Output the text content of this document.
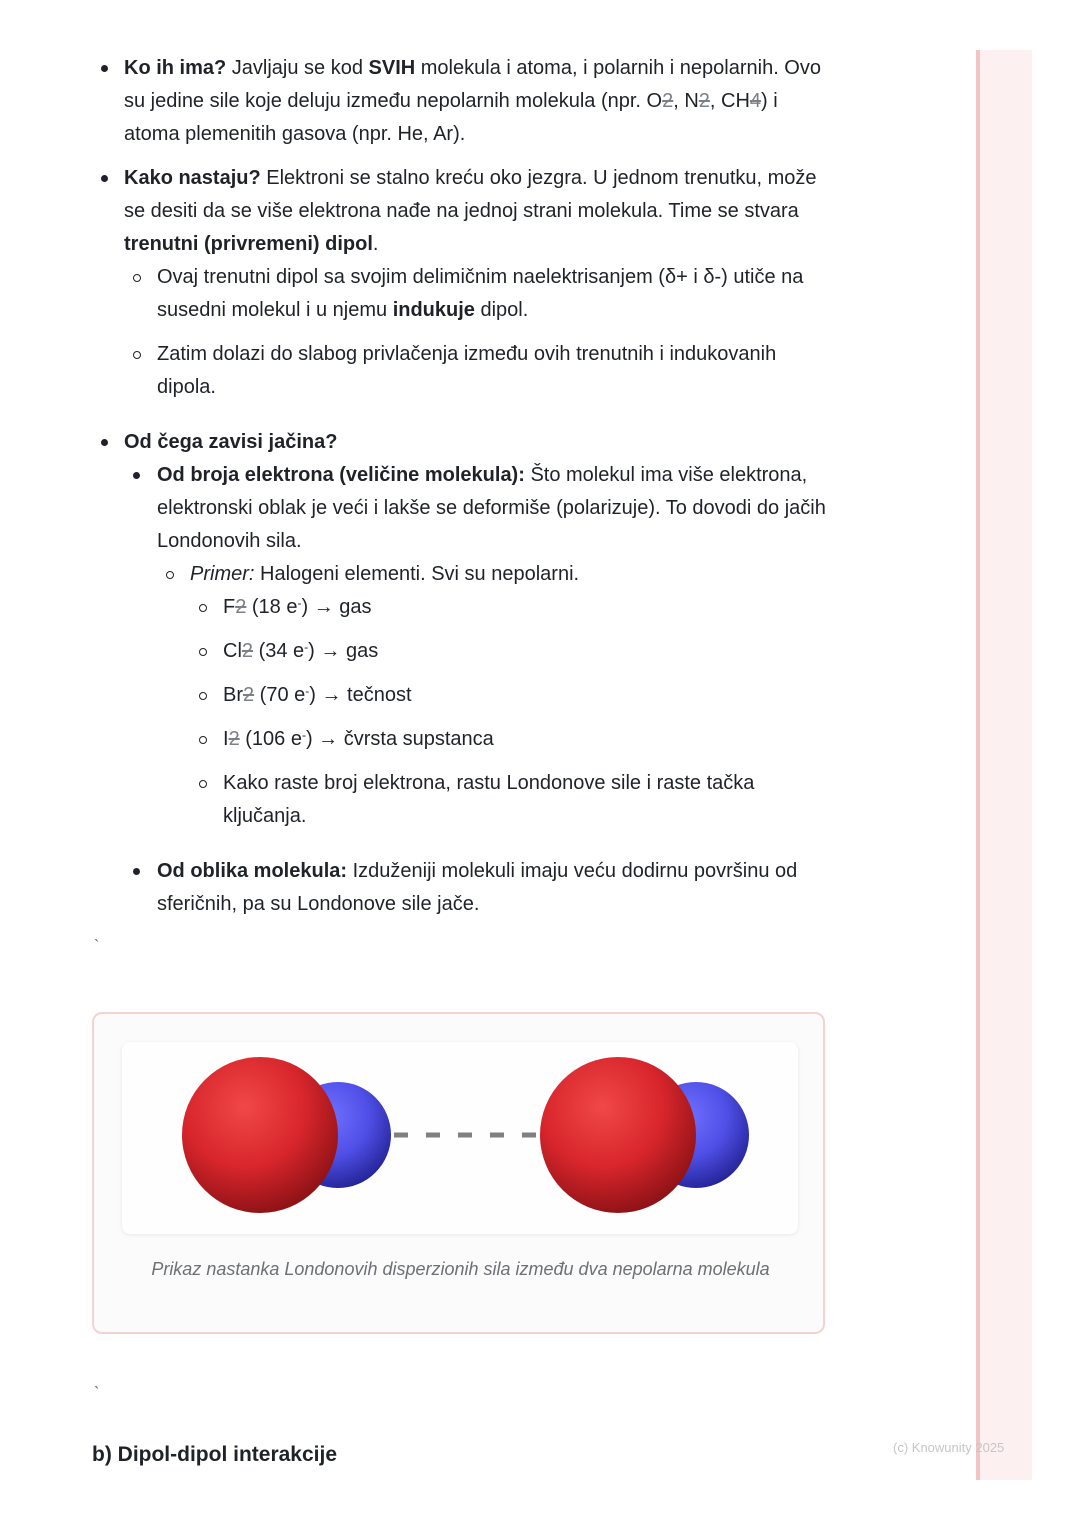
Ko ih ima? Javljaju se kod SVIH molekula i atoma, i polarnih i nepolarnih. Ovo su jedine sile koje deluju između nepolarnih molekula (npr. O2, N2, CH4) i atoma plemenitih gasova (npr. He, Ar).
Kako nastaju? Elektroni se stalno kreću oko jezgra. U jednom trenutku, može se desiti da se više elektrona nađe na jednoj strani molekula. Time se stvara trenutni (privremeni) dipol.
Ovaj trenutni dipol sa svojim delimičnim naelektrisanjem (δ+ i δ-) utiče na susedni molekul i u njemu indukuje dipol.
Zatim dolazi do slabog privlačenja između ovih trenutnih i indukovanih dipola.
Od čega zavisi jačina?
Od broja elektrona (veličine molekula): Što molekul ima više elektrona, elektronski oblak je veći i lakše se deformiše (polarizuje). To dovodi do jačih Londonovih sila.
Primer: Halogeni elementi. Svi su nepolarni.
F2 (18 e-) → gas
Cl2 (34 e-) → gas
Br2 (70 e-) → tečnost
I2 (106 e-) → čvrsta supstanca
Kako raste broj elektrona, rastu Londonove sile i raste tačka ključanja.
Od oblika molekula: Izduženiji molekuli imaju veću dodirnu površinu od sferičnih, pa su Londonove sile jače.
`
Prikaz nastanka Londonovih disperzionih sila između dva nepolarna molekula
`
b) Dipol-dipol interakcije	(c) Knowunity 2025
